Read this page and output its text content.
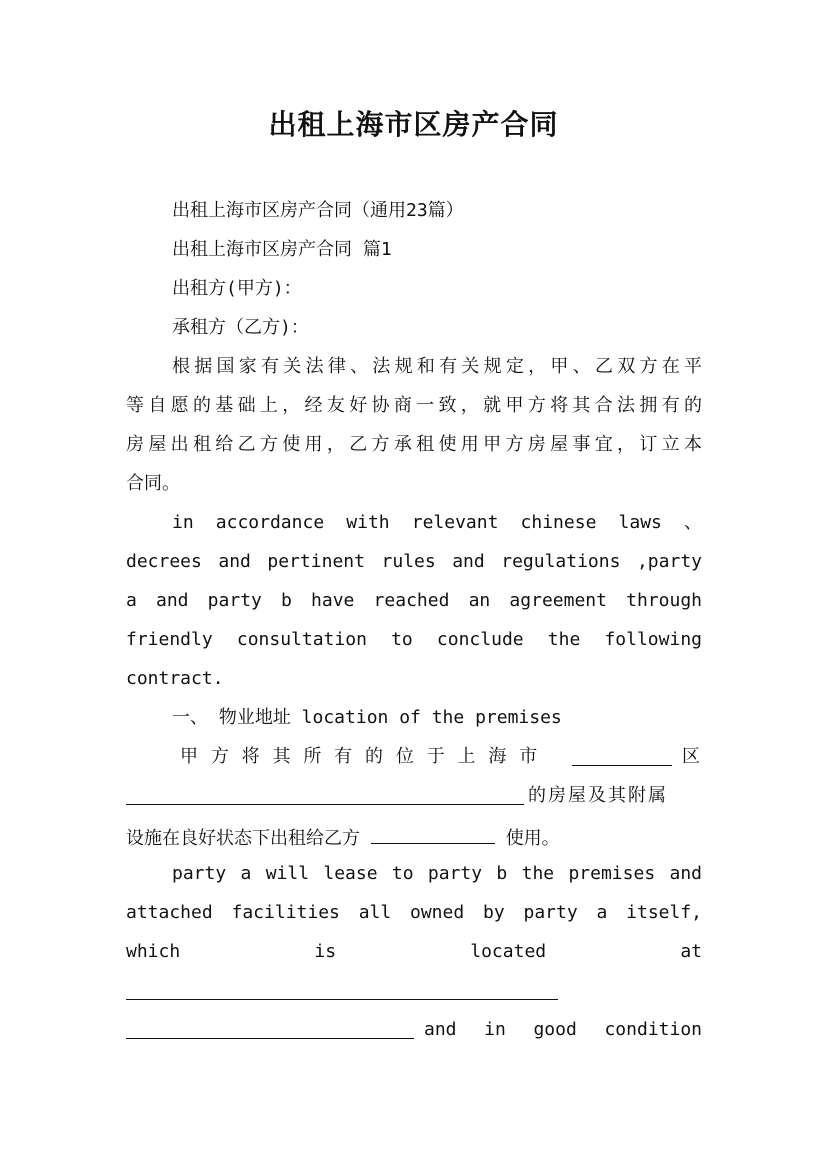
出租上海市区房产合同
出租上海市区房产合同（通用23篇）
出租上海市区房产合同 篇1
出租方(甲方)：
承租方（乙方)：
根据国家有关法律、法规和有关规定，甲、乙双方在平
等自愿的基础上，经友好协商一致，就甲方将其合法拥有的
房屋出租给乙方使用，乙方承租使用甲方房屋事宜，订立本
合同。
in accordance with relevant chinese laws 、
decrees and pertinent rules and regulations ,party
a and party b have reached an agreement through
friendly consultation to conclude the following
contract.
一、 物业地址 location of the premises
甲 方 将 其 所 有 的 位 于 上 海 市	区
的房屋及其附属
设施在良好状态下出租给乙方	使用。
party a will lease to party b the premises and
attached facilities all owned by party a itself,
which is located at
and in good condition
